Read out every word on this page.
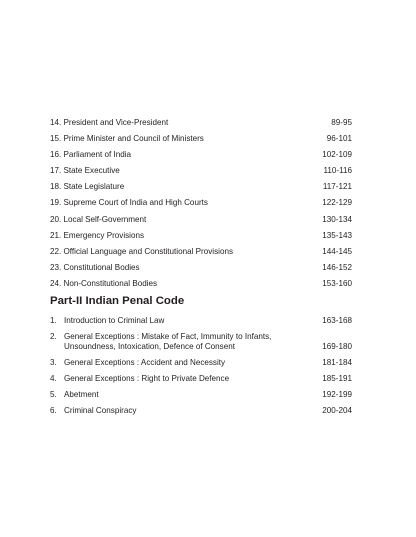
14. President and Vice-President	89-95
15. Prime Minister and Council of Ministers	96-101
16. Parliament of India	102-109
17. State Executive	110-116
18. State Legislature	117-121
19. Supreme Court of India and High Courts	122-129
20. Local Self-Government	130-134
21. Emergency Provisions	135-143
22. Official Language and Constitutional Provisions	144-145
23. Constitutional Bodies	146-152
24. Non-Constitutional Bodies	153-160
Part-II Indian Penal Code
1. Introduction to Criminal Law	163-168
2. General Exceptions : Mistake of Fact, Immunity to Infants, Unsoundness, Intoxication, Defence of Consent	169-180
3. General Exceptions : Accident and Necessity	181-184
4. General Exceptions : Right to Private Defence	185-191
5. Abetment	192-199
6. Criminal Conspiracy	200-204
